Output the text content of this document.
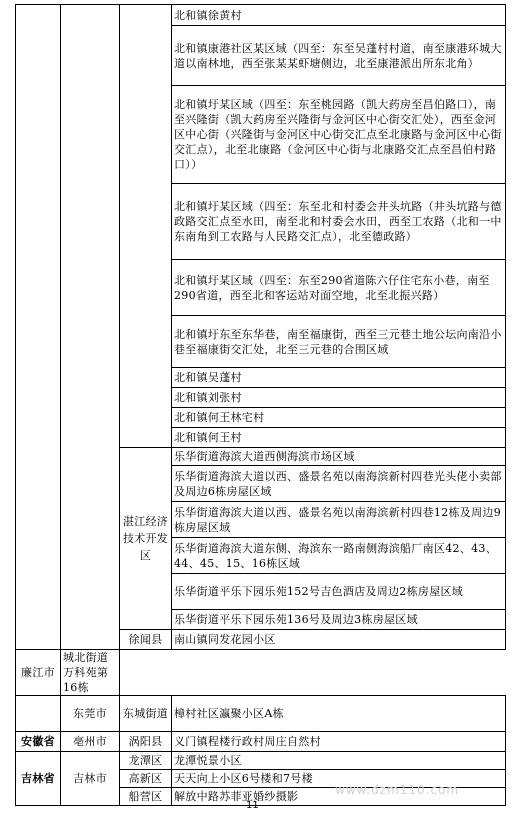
			北和镇徐黄村
			北和镇康港社区某区域（四至：东至吴蓬村村道，南至康港环城大道以南林地，西至张某某虾塘侧边，北至康港派出所东北角）
			北和镇圩某区域（四至：东至桃园路（凯大药房至昌伯路口），南至兴隆街（凯大药房至兴隆街与金河区中心街交汇处），西至金河区中心街（兴隆街与金河区中心街交汇点至北康路与金河区中心街交汇点），北至北康路（金河区中心街与北康路交汇点至昌伯村路口））
			北和镇圩某区域（四至：东至北和村委会井头坑路（井头坑路与德政路交汇点至水田，南至北和村委会水田，西至工农路（北和一中东南角到工农路与人民路交汇点），北至德政路）
			北和镇圩某区域（四至：东至290省道陈六仔住宅东小巷，南至290省道，西至北和客运站对面空地，北至北振兴路）
			北和镇圩东至东华巷，南至福康街，西至三元巷土地公坛向南沿小巷至福康街交汇处，北至三元巷的合围区域
			北和镇吴蓬村
			北和镇刘张村
			北和镇何王林宅村
			北和镇何王村
		湛江经济技术开发区	乐华街道海滨大道西侧海滨市场区域
			乐华街道海滨大道以西、盛景名苑以南海滨新村四巷光头佬小卖部及周边6栋房屋区域
			乐华街道海滨大道以西、盛景名苑以南海滨新村四巷12栋及周边9栋房屋区域
			乐华街道海滨大道东侧、海滨东一路南侧海滨船厂南区42、43、44、45、15、16栋区域
			乐华街道平乐下园乐苑152号吉色酒店及周边2栋房屋区域
			乐华街道平乐下园乐苑136号及周边3栋房屋区域
		徐闻县	南山镇同发花园小区
廉江市	城北街道万科苑第16栋		
	东莞市	东城街道	樟村社区瀛聚小区A栋
安徽省	亳州市	涡阳县	义门镇程楼行政村周庄自然村
吉林省	吉林市	龙潭区	龙潭悦景小区
		高新区	天天向上小区6号楼和7号楼
		船营区	解放中路苏菲亚婚纱摄影	www.dzm110.com
11
